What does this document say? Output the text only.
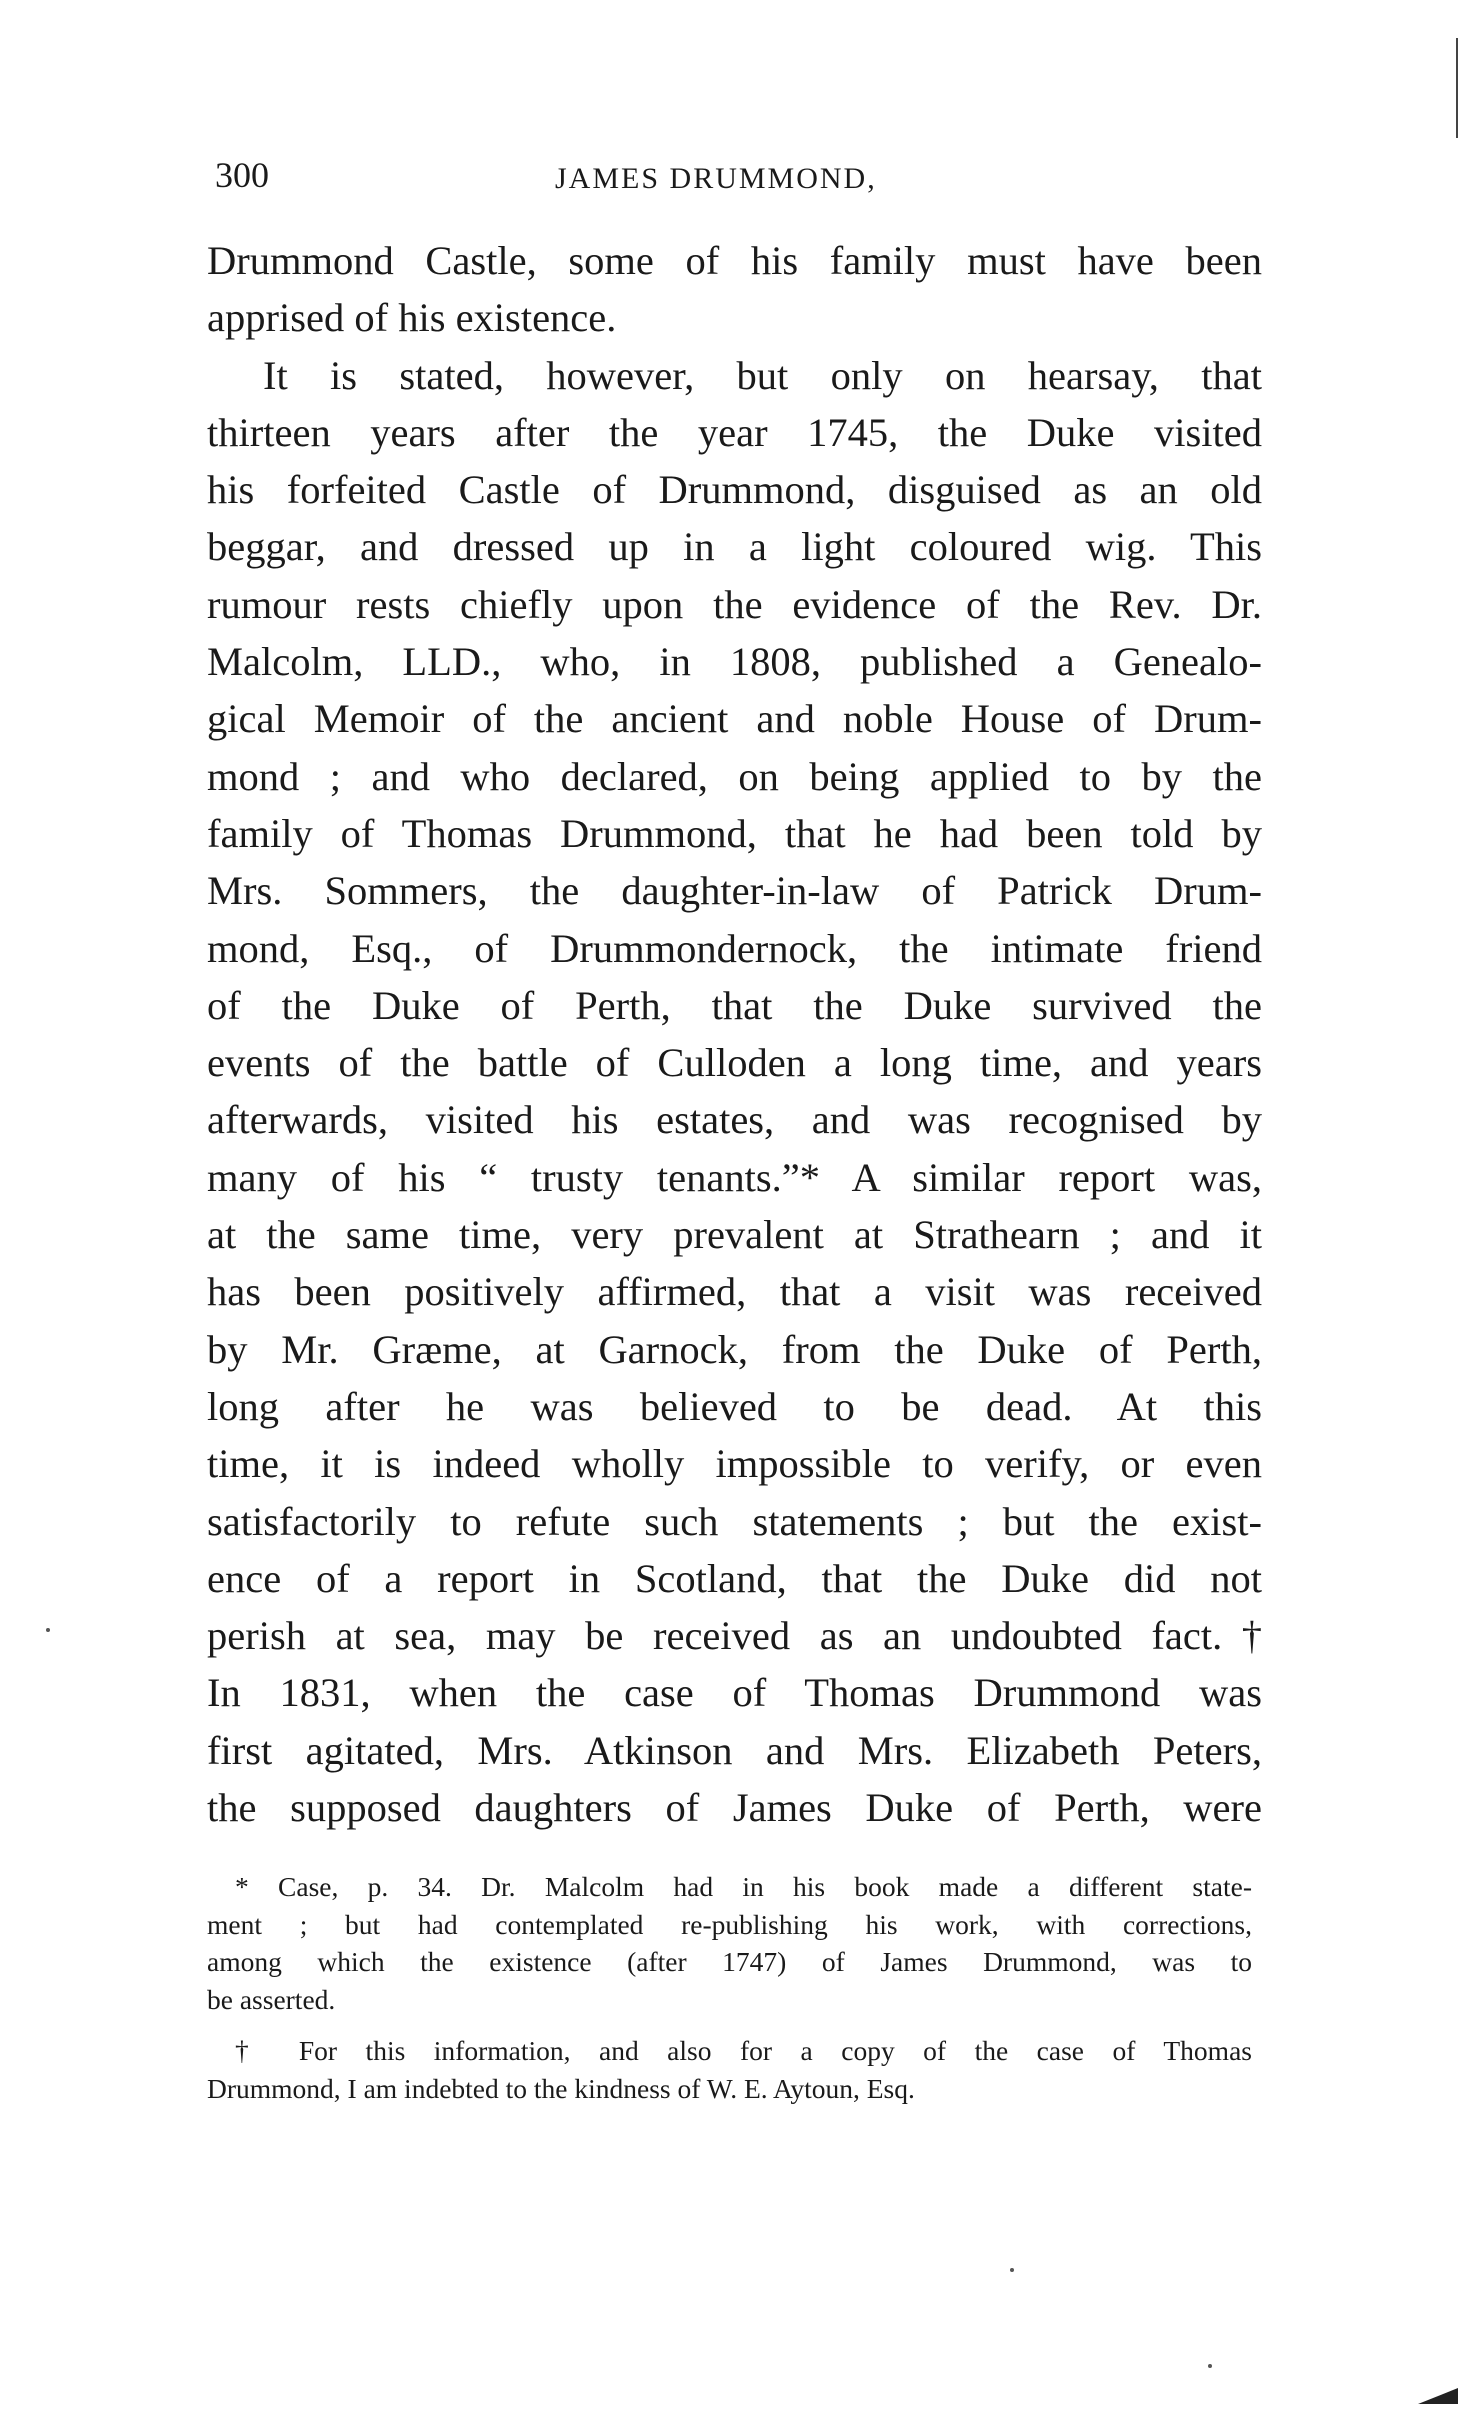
300	JAMES DRUMMOND,
Drummond Castle, some of his family must have been
apprised of his existence.
It is stated, however, but only on hearsay, that
thirteen years after the year 1745, the Duke visited
his forfeited Castle of Drummond, disguised as an old
beggar, and dressed up in a light coloured wig. This
rumour rests chiefly upon the evidence of the Rev. Dr.
Malcolm, LLD., who, in 1808, published a Genealo-
gical Memoir of the ancient and noble House of Drum-
mond ; and who declared, on being applied to by the
family of Thomas Drummond, that he had been told by
Mrs. Sommers, the daughter-in-law of Patrick Drum-
mond, Esq., of Drummondernock, the intimate friend
of the Duke of Perth, that the Duke survived the
events of the battle of Culloden a long time, and years
afterwards, visited his estates, and was recognised by
many of his “ trusty tenants.”* A similar report was,
at the same time, very prevalent at Strathearn ; and it
has been positively affirmed, that a visit was received
by Mr. Græme, at Garnock, from the Duke of Perth,
long after he was believed to be dead. At this
time, it is indeed wholly impossible to verify, or even
satisfactorily to refute such statements ; but the exist-
ence of a report in Scotland, that the Duke did not
perish at sea, may be received as an undoubted fact.†
In 1831, when the case of Thomas Drummond was
first agitated, Mrs. Atkinson and Mrs. Elizabeth Peters,
the supposed daughters of James Duke of Perth, were
* Case, p. 34. Dr. Malcolm had in his book made a different state-
ment ; but had contemplated re-publishing his work, with corrections,
among which the existence (after 1747) of James Drummond, was to
be asserted.
† For this information, and also for a copy of the case of Thomas
Drummond, I am indebted to the kindness of W. E. Aytoun, Esq.
